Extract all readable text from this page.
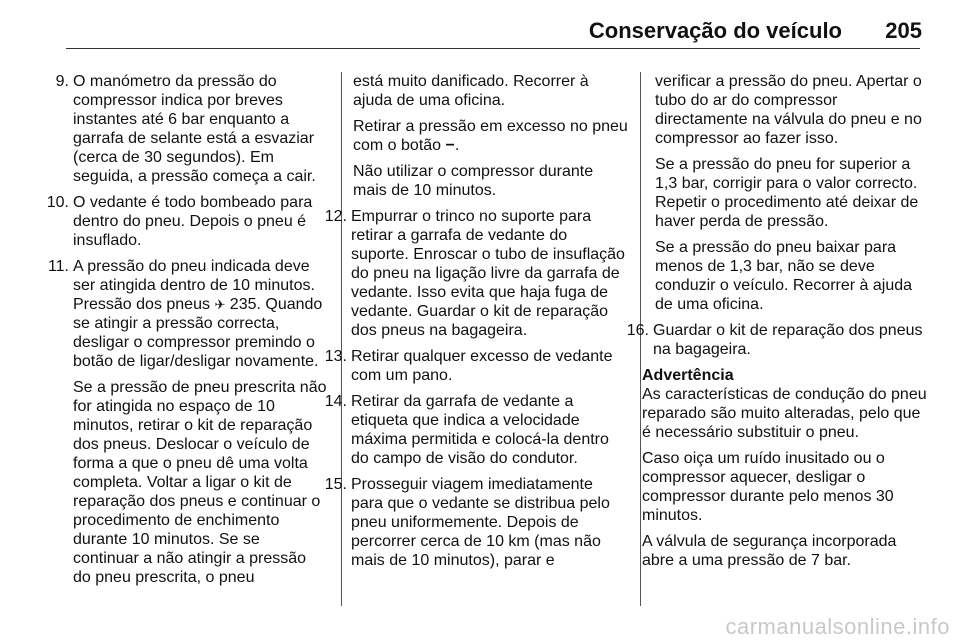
Conservação do veículo 205
9. O manómetro da pressão do compressor indica por breves instantes até 6 bar enquanto a garrafa de selante está a esvaziar (cerca de 30 segundos). Em seguida, a pressão começa a cair.
10. O vedante é todo bombeado para dentro do pneu. Depois o pneu é insuflado.
11. A pressão do pneu indicada deve ser atingida dentro de 10 minutos. Pressão dos pneus ✈ 235. Quando se atingir a pressão correcta, desligar o compressor premindo o botão de ligar/desligar novamente.
Se a pressão de pneu prescrita não for atingida no espaço de 10 minutos, retirar o kit de reparação dos pneus. Deslocar o veículo de forma a que o pneu dê uma volta completa. Voltar a ligar o kit de reparação dos pneus e continuar o procedimento de enchimento durante 10 minutos. Se se continuar a não atingir a pressão do pneu prescrita, o pneu
está muito danificado. Recorrer à ajuda de uma oficina.
Retirar a pressão em excesso no pneu com o botão −.
Não utilizar o compressor durante mais de 10 minutos.
12. Empurrar o trinco no suporte para retirar a garrafa de vedante do suporte. Enroscar o tubo de insuflação do pneu na ligação livre da garrafa de vedante. Isso evita que haja fuga de vedante. Guardar o kit de reparação dos pneus na bagageira.
13. Retirar qualquer excesso de vedante com um pano.
14. Retirar da garrafa de vedante a etiqueta que indica a velocidade máxima permitida e colocá-la dentro do campo de visão do condutor.
15. Prosseguir viagem imediatamente para que o vedante se distribua pelo pneu uniformemente. Depois de percorrer cerca de 10 km (mas não mais de 10 minutos), parar e
verificar a pressão do pneu. Apertar o tubo do ar do compressor directamente na válvula do pneu e no compressor ao fazer isso.
Se a pressão do pneu for superior a 1,3 bar, corrigir para o valor correcto. Repetir o procedimento até deixar de haver perda de pressão.
Se a pressão do pneu baixar para menos de 1,3 bar, não se deve conduzir o veículo. Recorrer à ajuda de uma oficina.
16. Guardar o kit de reparação dos pneus na bagageira.
Advertência
As características de condução do pneu reparado são muito alteradas, pelo que é necessário substituir o pneu.
Caso oiça um ruído inusitado ou o compressor aquecer, desligar o compressor durante pelo menos 30 minutos.
A válvula de segurança incorporada abre a uma pressão de 7 bar.
carmanualsonline.info
